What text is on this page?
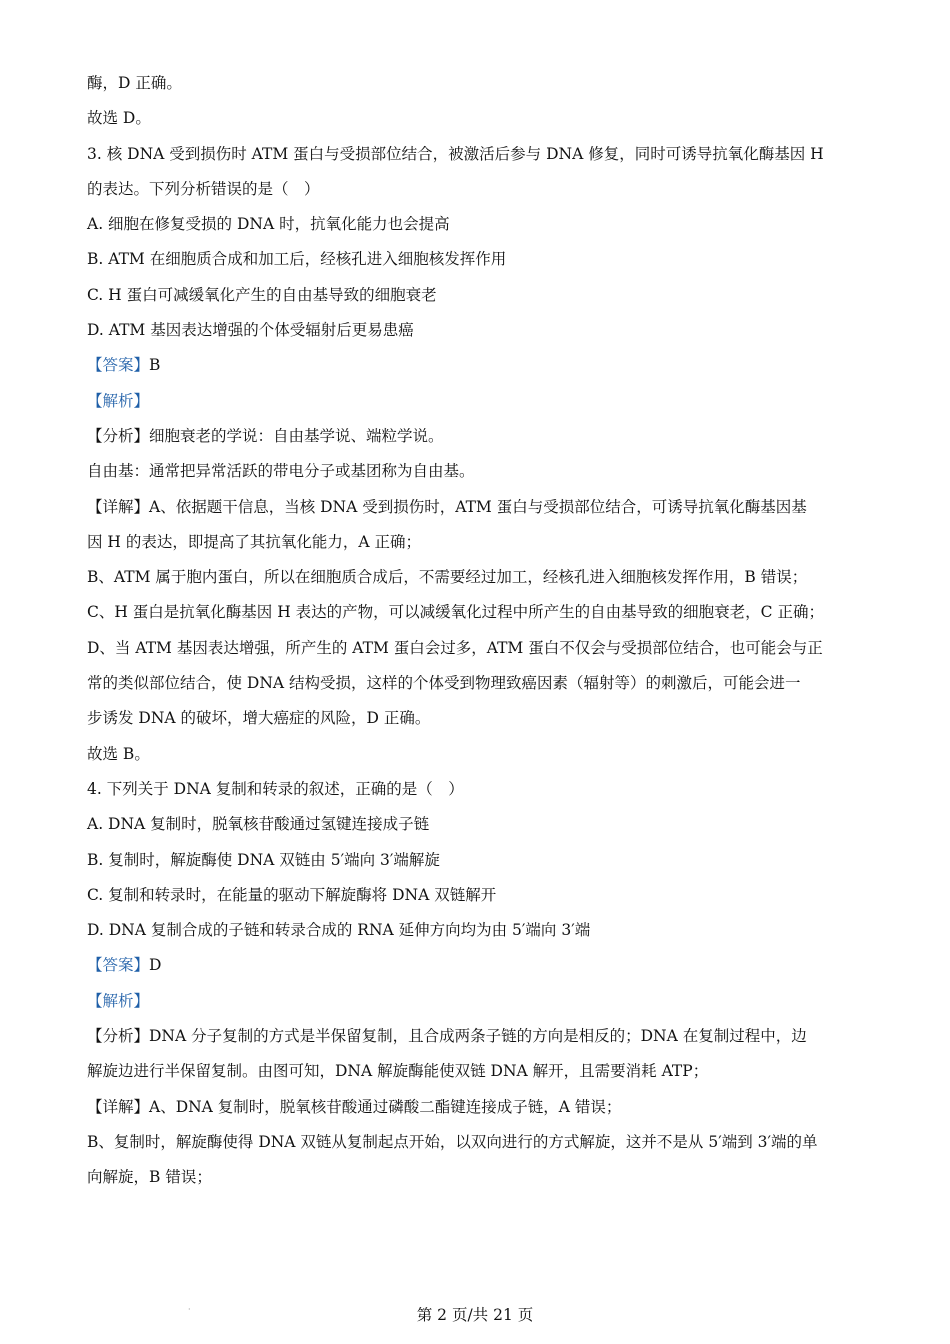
酶，D 正确。
故选 D。
3. 核 DNA 受到损伤时 ATM 蛋白与受损部位结合，被激活后参与 DNA 修复，同时可诱导抗氧化酶基因 H
的表达。下列分析错误的是（　）
A. 细胞在修复受损的 DNA 时，抗氧化能力也会提高
B. ATM 在细胞质合成和加工后，经核孔进入细胞核发挥作用
C. H 蛋白可减缓氧化产生的自由基导致的细胞衰老
D. ATM 基因表达增强的个体受辐射后更易患癌
【答案】B
【解析】
【分析】细胞衰老的学说：自由基学说、端粒学说。
自由基：通常把异常活跃的带电分子或基团称为自由基。
【详解】A、依据题干信息，当核 DNA 受到损伤时，ATM 蛋白与受损部位结合，可诱导抗氧化酶基因基
因 H 的表达，即提高了其抗氧化能力，A 正确；
B、ATM 属于胞内蛋白，所以在细胞质合成后，不需要经过加工，经核孔进入细胞核发挥作用，B 错误；
C、H 蛋白是抗氧化酶基因 H 表达的产物，可以减缓氧化过程中所产生的自由基导致的细胞衰老，C 正确；
D、当 ATM 基因表达增强，所产生的 ATM 蛋白会过多，ATM 蛋白不仅会与受损部位结合，也可能会与正
常的类似部位结合，使 DNA 结构受损，这样的个体受到物理致癌因素（辐射等）的刺激后，可能会进一
步诱发 DNA 的破坏，增大癌症的风险，D 正确。
故选 B。
4. 下列关于 DNA 复制和转录的叙述，正确的是（　）
A. DNA 复制时，脱氧核苷酸通过氢键连接成子链
B. 复制时，解旋酶使 DNA 双链由 5′端向 3′端解旋
C. 复制和转录时，在能量的驱动下解旋酶将 DNA 双链解开
D. DNA 复制合成的子链和转录合成的 RNA 延伸方向均为由 5′端向 3′端
【答案】D
【解析】
【分析】DNA 分子复制的方式是半保留复制，且合成两条子链的方向是相反的；DNA 在复制过程中，边
解旋边进行半保留复制。由图可知，DNA 解旋酶能使双链 DNA 解开，且需要消耗 ATP；
【详解】A、DNA 复制时，脱氧核苷酸通过磷酸二酯键连接成子链，A 错误；
B、复制时，解旋酶使得 DNA 双链从复制起点开始，以双向进行的方式解旋，这并不是从 5′端到 3′端的单
向解旋，B 错误；
·	第 2 页/共 21 页
